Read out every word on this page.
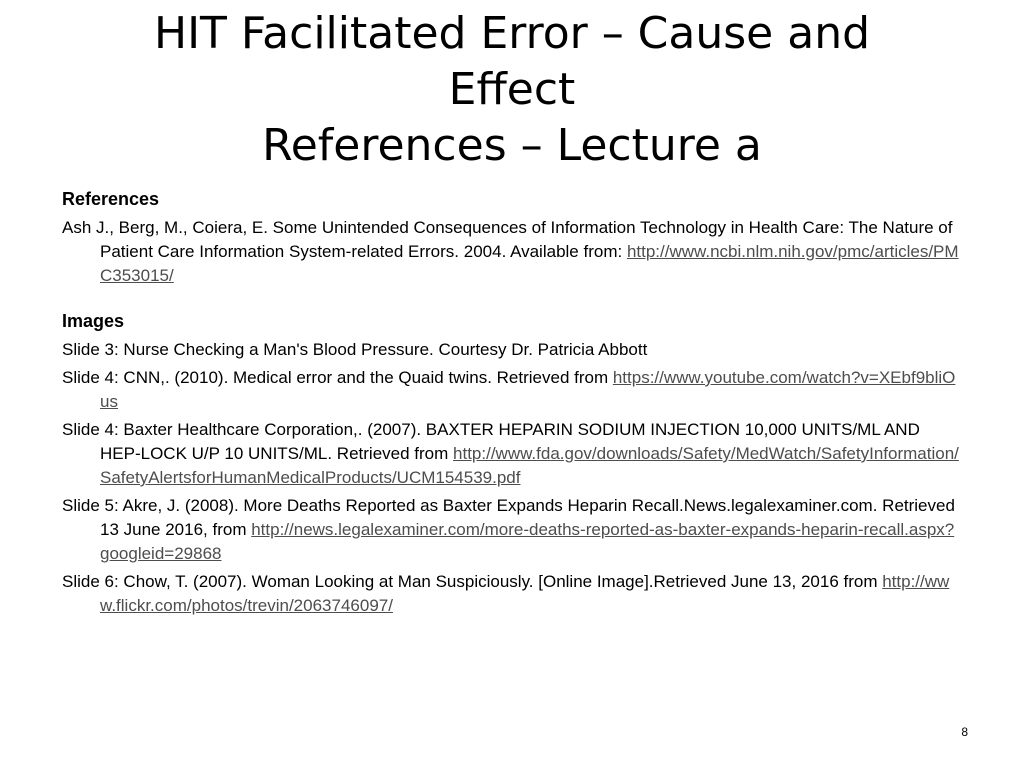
HIT Facilitated Error – Cause and
Effect
References – Lecture a
References
Ash J., Berg, M., Coiera, E. Some Unintended Consequences of Information Technology in Health Care: The Nature of Patient Care Information System-related Errors. 2004. Available from: http://www.ncbi.nlm.nih.gov/pmc/articles/PMC353015/
Images
Slide 3: Nurse Checking a Man's Blood Pressure. Courtesy Dr. Patricia Abbott
Slide 4: CNN,. (2010). Medical error and the Quaid twins. Retrieved from https://www.youtube.com/watch?v=XEbf9bliOus
Slide 4: Baxter Healthcare Corporation,. (2007). BAXTER HEPARIN SODIUM INJECTION 10,000 UNITS/ML AND HEP-LOCK U/P 10 UNITS/ML. Retrieved from http://www.fda.gov/downloads/Safety/MedWatch/SafetyInformation/SafetyAlertsforHumanMedicalProducts/UCM154539.pdf
Slide 5: Akre, J. (2008). More Deaths Reported as Baxter Expands Heparin Recall.News.legalexaminer.com. Retrieved 13 June 2016, from http://news.legalexaminer.com/more-deaths-reported-as-baxter-expands-heparin-recall.aspx?googleid=29868
Slide 6: Chow, T. (2007). Woman Looking at Man Suspiciously. [Online Image].Retrieved June 13, 2016 from http://www.flickr.com/photos/trevin/2063746097/
8
